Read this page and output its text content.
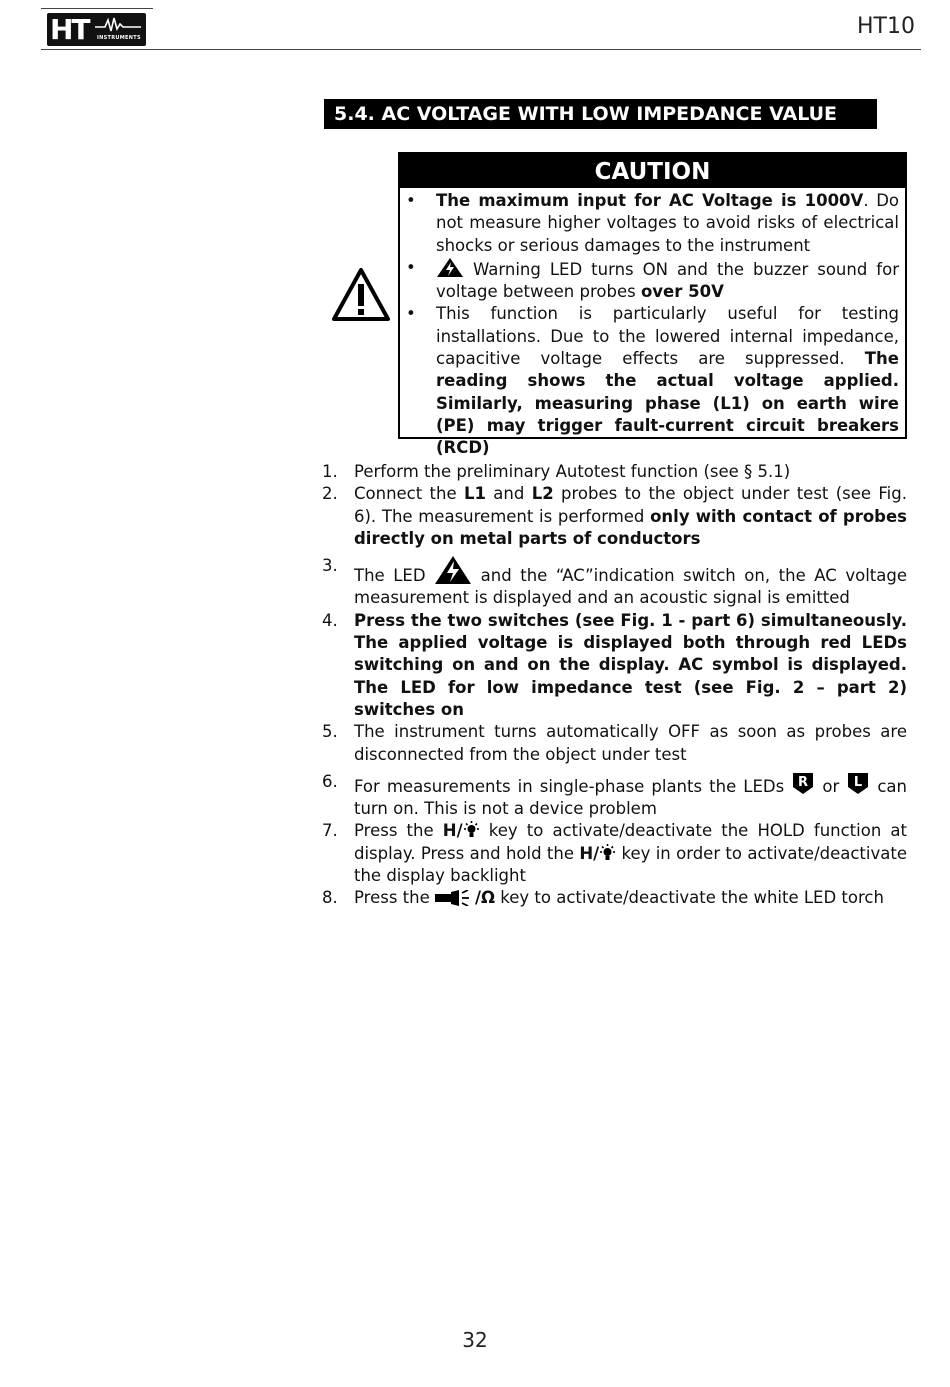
HT INSTRUMENTS	HT10
5.4. AC VOLTAGE WITH LOW IMPEDANCE VALUE
CAUTION
• The maximum input for AC Voltage is 1000V. Do not measure higher voltages to avoid risks of electrical shocks or serious damages to the instrument
• Warning LED turns ON and the buzzer sound for voltage between probes over 50V
• This function is particularly useful for testing installations. Due to the lowered internal impedance, capacitive voltage effects are suppressed. The reading shows the actual voltage applied. Similarly, measuring phase (L1) on earth wire (PE) may trigger fault-current circuit breakers (RCD)
1. Perform the preliminary Autotest function (see § 5.1)
2. Connect the L1 and L2 probes to the object under test (see Fig. 6). The measurement is performed only with contact of probes directly on metal parts of conductors
3.
The LED  and the “AC”indication switch on, the AC voltage measurement is displayed and an acoustic signal is emitted
4. Press the two switches (see Fig. 1 - part 6) simultaneously. The applied voltage is displayed both through red LEDs switching on and on the display. AC symbol is displayed. The LED for low impedance test (see Fig. 2 – part 2) switches on
5. The instrument turns automatically OFF as soon as probes are disconnected from the object under test
6. For measurements in single-phase plants the LEDs R or L can turn on. This is not a device problem
7. Press the H/ key to activate/deactivate the HOLD function at display. Press and hold the H/ key in order to activate/deactivate the display backlight
8. Press the /Ω key to activate/deactivate the white LED torch
32
